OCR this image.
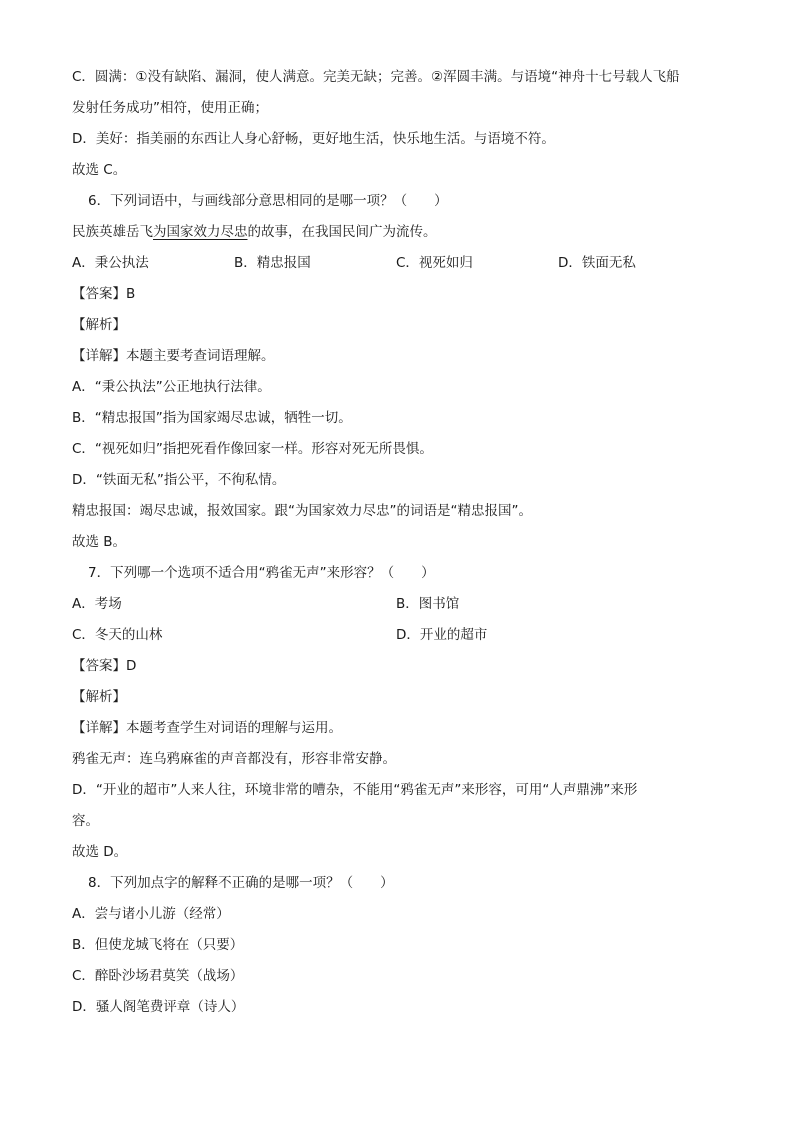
C．圆满：①没有缺陷、漏洞，使人满意。完美无缺；完善。②浑圆丰满。与语境“神舟十七号载人飞船
发射任务成功”相符，使用正确；
D．美好：指美丽的东西让人身心舒畅，更好地生活，快乐地生活。与语境不符。
故选 C。
6．下列词语中，与画线部分意思相同的是哪一项？（　　）
民族英雄岳飞为国家效力尽忠的故事，在我国民间广为流传。
A．秉公执法	B．精忠报国	C．视死如归	D．铁面无私
【答案】B
【解析】
【详解】本题主要考查词语理解。
A．“秉公执法”公正地执行法律。
B．“精忠报国”指为国家竭尽忠诚，牺牲一切。
C．“视死如归”指把死看作像回家一样。形容对死无所畏惧。
D．“铁面无私”指公平，不徇私情。
精忠报国：竭尽忠诚，报效国家。跟“为国家效力尽忠”的词语是“精忠报国”。
故选 B。
7．下列哪一个选项不适合用“鸦雀无声”来形容？（　　）
A．考场	B．图书馆
C．冬天的山林	D．开业的超市
【答案】D
【解析】
【详解】本题考查学生对词语的理解与运用。
鸦雀无声：连乌鸦麻雀的声音都没有，形容非常安静。
D．“开业的超市”人来人往，环境非常的嘈杂，不能用“鸦雀无声”来形容，可用“人声鼎沸”来形
容。
故选 D。
8．下列加点字的解释不正确的是哪一项？（　　）
A．尝与诸小儿游（经常）
B．但使龙城飞将在（只要）
C．醉卧沙场君莫笑（战场）
D．骚人阁笔费评章（诗人）
